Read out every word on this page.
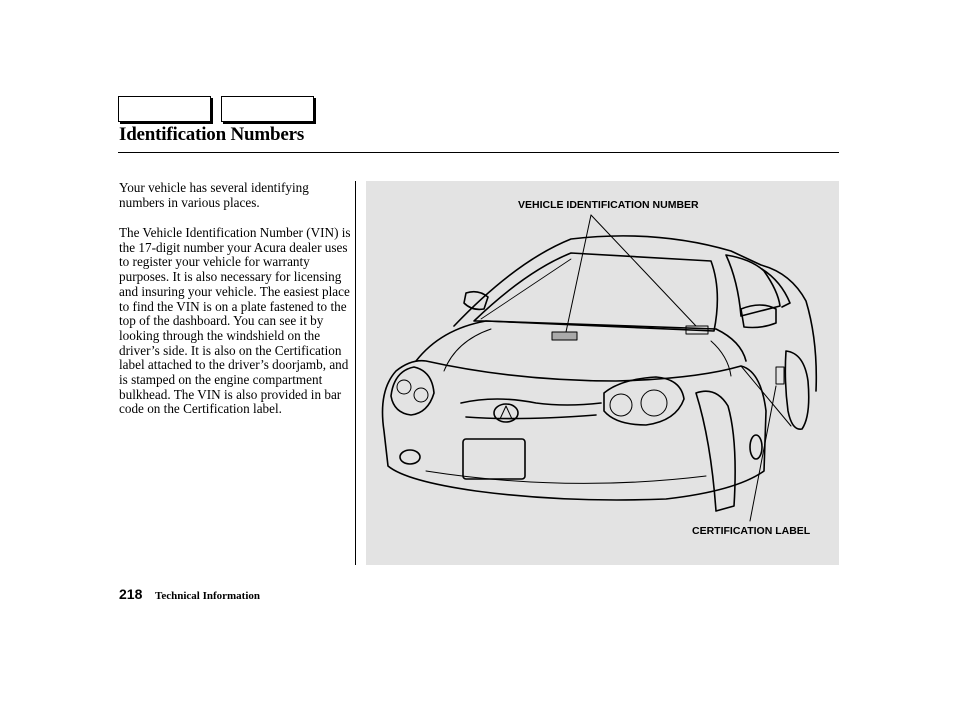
Identification Numbers
Your vehicle has several identifying numbers in various places.
The Vehicle Identification Number (VIN) is the 17-digit number your Acura dealer uses to register your vehicle for warranty purposes. It is also necessary for licensing and insuring your vehicle. The easiest place to find the VIN is on a plate fastened to the top of the dashboard. You can see it by looking through the windshield on the driver’s side. It is also on the Certification label attached to the driver’s doorjamb, and is stamped on the engine compartment bulkhead. The VIN is also provided in bar code on the Certification label.
VEHICLE IDENTIFICATION NUMBER
CERTIFICATION LABEL
218 Technical Information
